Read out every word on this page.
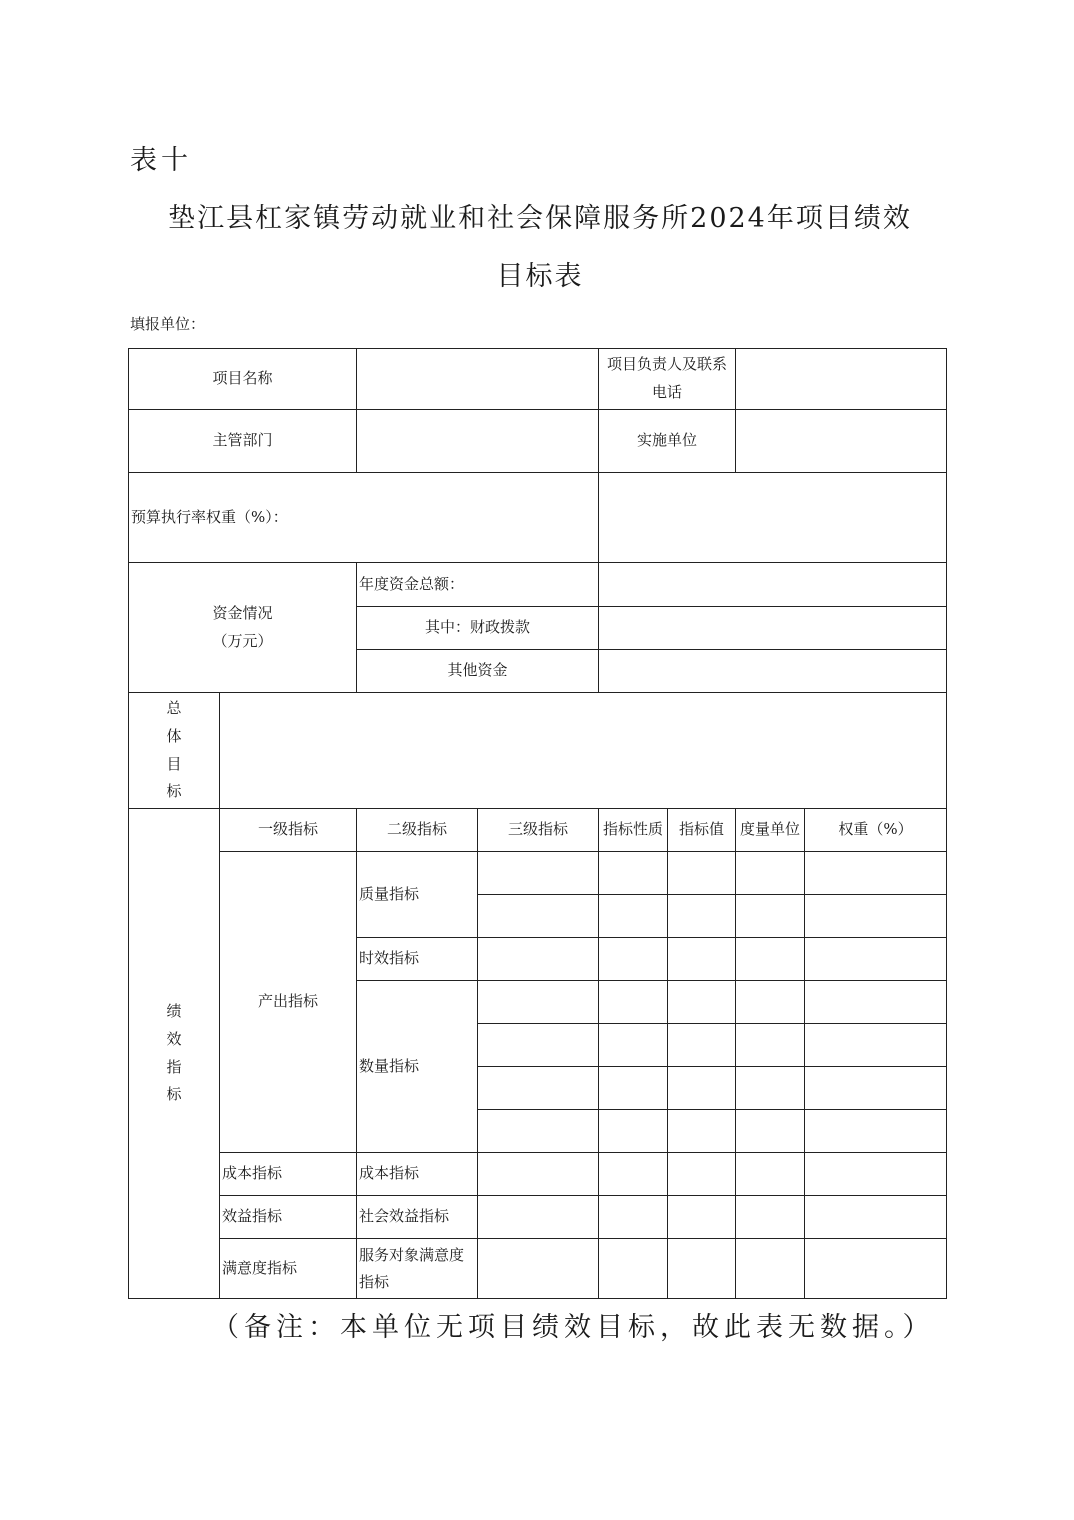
表十
垫江县杠家镇劳动就业和社会保障服务所2024年项目绩效
目标表
填报单位：
项目名称				项目负责人及联系电话			
主管部门				实施单位			
预算执行率权重（%）：							

资金情况
（万元）		年度资金总额：					
		其中：财政拨款					
		其他资金					
总体目标							
绩效指标	一级指标	二级指标	三级指标	指标性质	指标值	度量单位	权重（%）
	产出指标	质量指标					

		时效指标					
		数量指标					

	成本指标	成本指标					
	效益指标	社会效益指标					
	满意度指标	服务对象满意度指标					
（备注：本单位无项目绩效目标，故此表无数据。）
